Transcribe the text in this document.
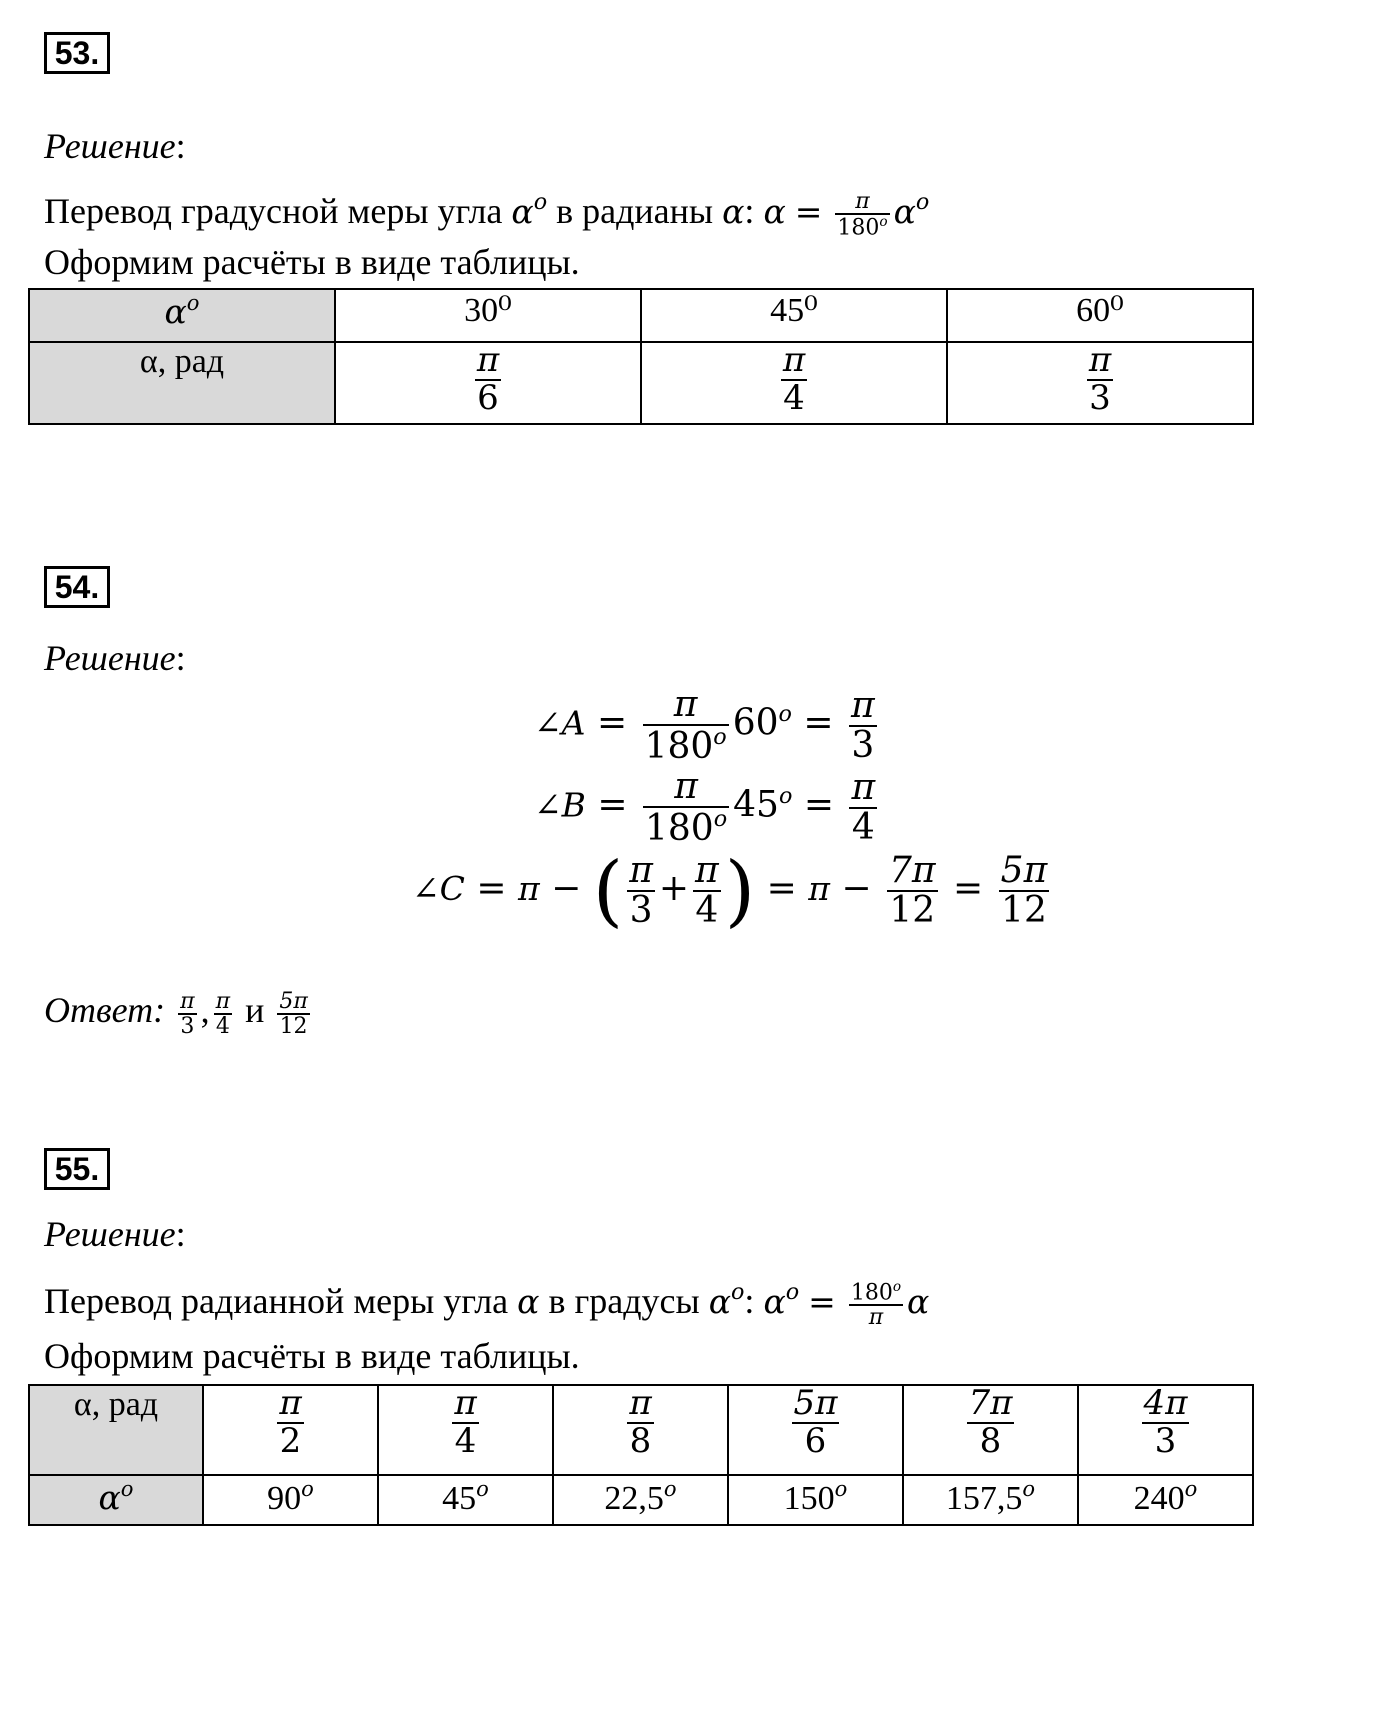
53.
Решение:
Перевод градусной меры угла $\alpha^o$ в радианы α: $\alpha = \frac{\pi}{180^o} \alpha^o$
Оформим расчёты в виде таблицы.
$\alpha^o$	30⁰	45⁰	60⁰
α, рад	$\frac{\pi}{6}$	$\frac{\pi}{4}$	$\frac{\pi}{3}$
54.
Решение:
∠A = $\frac{\pi}{180^o} 60^o = \frac{\pi}{3}$
∠B = $\frac{\pi}{180^o} 45^o = \frac{\pi}{4}$
∠C = π − ( $\frac{\pi}{3} + \frac{\pi}{4}$ ) = $\pi - \frac{7\pi}{12} = \frac{5\pi}{12}$
Ответ: $\frac{\pi}{3}$ , $\frac{\pi}{4}$ и $\frac{5\pi}{12}$
55.
Решение:
Перевод радианной меры угла α в градусы $\alpha^o$: $\alpha^o = \frac{180^o}{\pi}$ α
Оформим расчёты в виде таблицы.
α, рад	$\frac{\pi}{2}$	$\frac{\pi}{4}$	$\frac{\pi}{8}$	$\frac{5\pi}{6}$	$\frac{7\pi}{8}$	$\frac{4\pi}{3}$

$\alpha^o$	90$^o$	45$^o$	22,5$^o$	150$^o$	157,5$^o$	240$^o$
